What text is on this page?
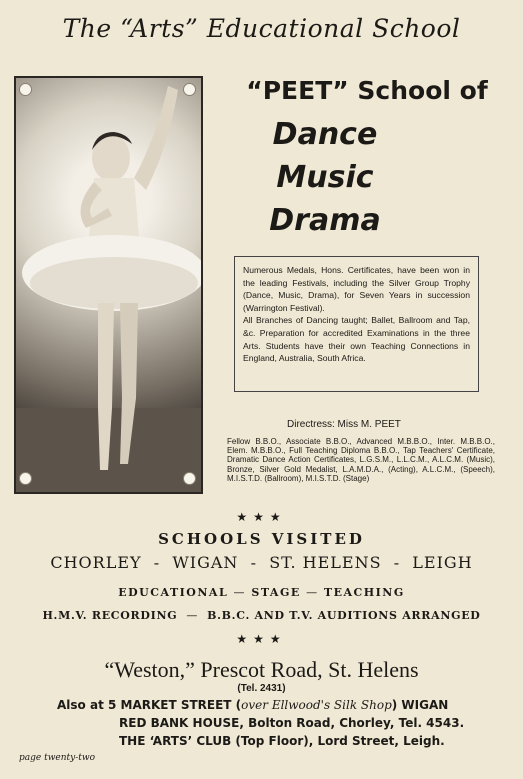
The “Arts” Educational School
“PEET” School of
Dance
Music
Drama

Numerous Medals, Hons. Certificates, have been won in the leading Festivals, including the Silver Group Trophy (Dance, Music, Drama), for Seven Years in succession (Warrington Festival).

All Branches of Dancing taught; Ballet, Ballroom and Tap, &c. Preparation for accredited Examinations in the three Arts. Students have their own Teaching Connections in England, Australia, South Africa.

Directress: Miss M. PEET
Fellow B.B.O., Associate B.B.O., Advanced M.B.B.O., Inter. M.B.B.O., Elem. M.B.B.O., Full Teaching Diploma B.B.O., Tap Teachers' Certificate, Dramatic Dance Action Certificates, L.G.S.M., L.L.C.M., A.L.C.M. (Music), Bronze, Silver Gold Medalist, L.A.M.D.A., (Acting), A.L.C.M., (Speech), M.I.S.T.D. (Ballroom), M.I.S.T.D. (Stage)
★★★
SCHOOLS VISITED
CHORLEY - WIGAN - ST. HELENS - LEIGH
EDUCATIONAL — STAGE — TEACHING
H.M.V. RECORDING — B.B.C. AND T.V. AUDITIONS ARRANGED
★★★
“Weston,” Prescot Road, St. Helens
(Tel. 2431)
Also at 5 MARKET STREET (over Ellwood's Silk Shop) WIGAN
RED BANK HOUSE, Bolton Road, Chorley, Tel. 4543.
THE ‘ARTS’ CLUB (Top Floor), Lord Street, Leigh.
page twenty-two
